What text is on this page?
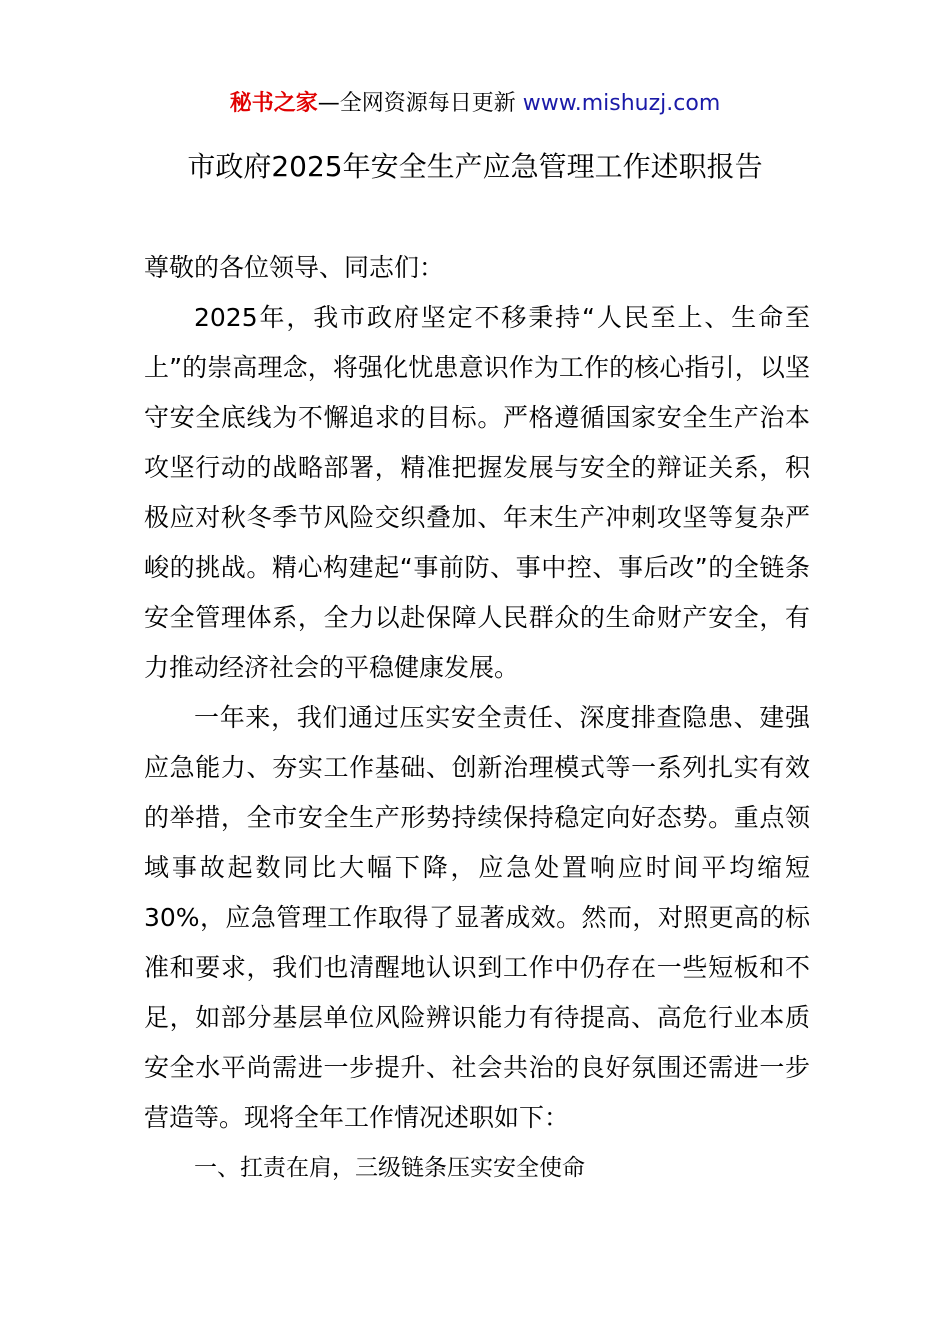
秘书之家—全网资源每日更新 www.mishuzj.com
市政府2025年安全生产应急管理工作述职报告

尊敬的各位领导、同志们：

2025年，我市政府坚定不移秉持“人民至上、生命至上”的崇高理念，将强化忧患意识作为工作的核心指引，以坚守安全底线为不懈追求的目标。严格遵循国家安全生产治本攻坚行动的战略部署，精准把握发展与安全的辩证关系，积极应对秋冬季节风险交织叠加、年末生产冲刺攻坚等复杂严峻的挑战。精心构建起“事前防、事中控、事后改”的全链条安全管理体系，全力以赴保障人民群众的生命财产安全，有力推动经济社会的平稳健康发展。

一年来，我们通过压实安全责任、深度排查隐患、建强应急能力、夯实工作基础、创新治理模式等一系列扎实有效的举措，全市安全生产形势持续保持稳定向好态势。重点领域事故起数同比大幅下降，应急处置响应时间平均缩短30%，应急管理工作取得了显著成效。然而，对照更高的标准和要求，我们也清醒地认识到工作中仍存在一些短板和不足，如部分基层单位风险辨识能力有待提高、高危行业本质安全水平尚需进一步提升、社会共治的良好氛围还需进一步营造等。现将全年工作情况述职如下：

一、扛责在肩，三级链条压实安全使命
